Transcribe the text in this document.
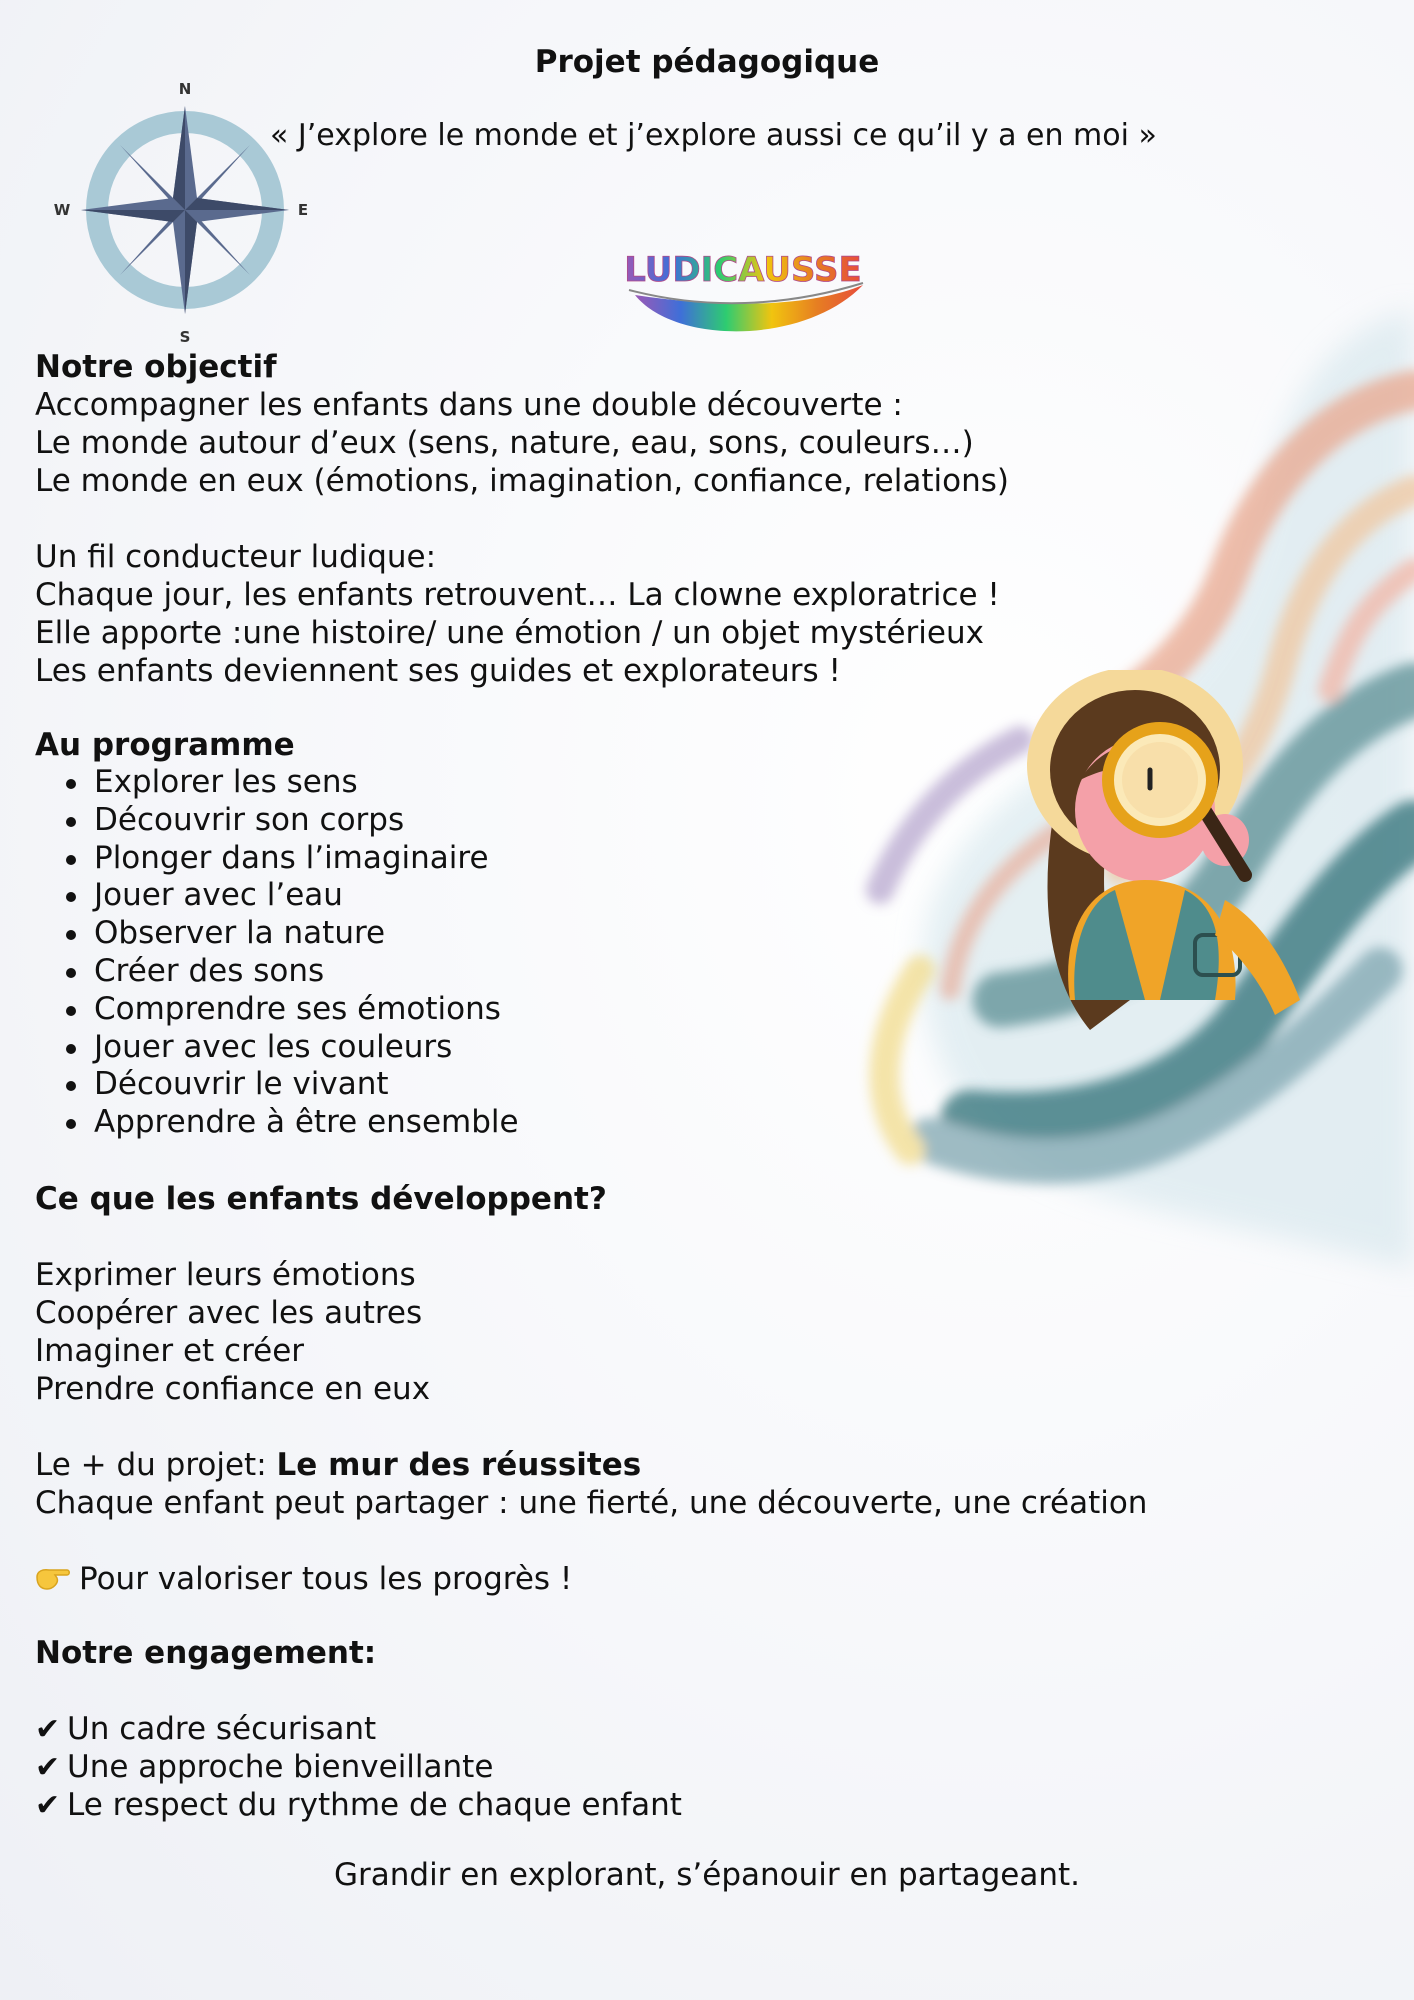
N
S
E
W
LUDICAUSSE
Projet pédagogique
« J’explore le monde et j’explore aussi ce qu’il y a en moi »
Notre objectif
Accompagner les enfants dans une double découverte :
Le monde autour d’eux (sens, nature, eau, sons, couleurs…)
Le monde en eux (émotions, imagination, confiance, relations)
Un fil conducteur ludique:
Chaque jour, les enfants retrouvent… La clowne exploratrice !
Elle apporte :une histoire/ une émotion / un objet mystérieux
Les enfants deviennent ses guides et explorateurs !
Au programme
Explorer les sens
Découvrir son corps
Plonger dans l’imaginaire
Jouer avec l’eau
Observer la nature
Créer des sons
Comprendre ses émotions
Jouer avec les couleurs
Découvrir le vivant
Apprendre à être ensemble
Ce que les enfants développent?
Exprimer leurs émotions
Coopérer avec les autres
Imaginer et créer
Prendre confiance en eux
Le + du projet: Le mur des réussites
Chaque enfant peut partager : une fierté, une découverte, une création
Pour valoriser tous les progrès !
Notre engagement:
✔ Un cadre sécurisant
✔ Une approche bienveillante
✔ Le respect du rythme de chaque enfant
Grandir en explorant, s’épanouir en partageant.
